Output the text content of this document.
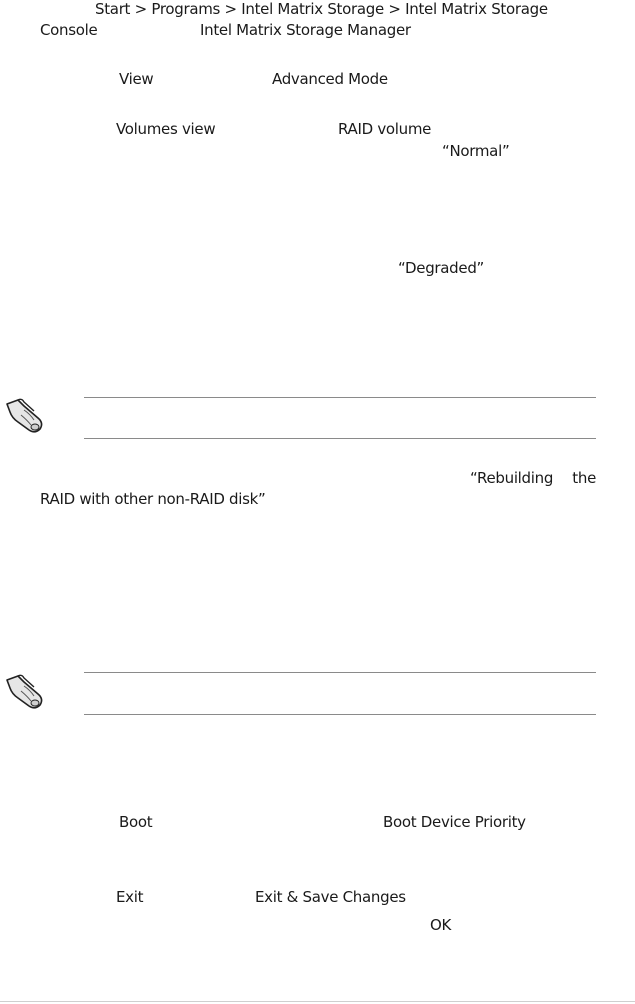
Start > Programs > Intel Matrix Storage > Intel Matrix Storage
Console	Intel Matrix Storage Manager
View	Advanced Mode
Volumes view	RAID volume
“Normal”
“Degraded”
“Rebuilding the
RAID with other non-RAID disk”
Boot	Boot Device Priority
Exit	Exit & Save Changes
OK
